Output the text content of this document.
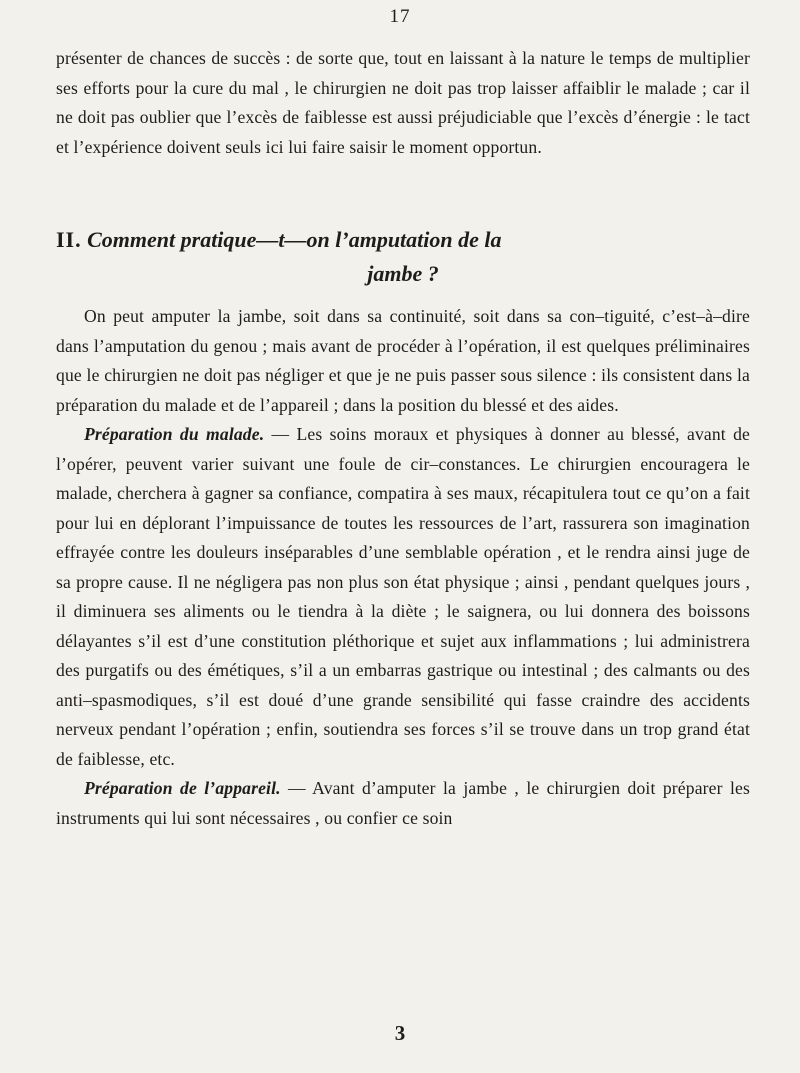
17

présenter de chances de succès : de sorte que, tout en laissant à la nature le temps de multiplier ses efforts pour la cure du mal , le chirurgien ne doit pas trop laisser affaiblir le malade ; car il ne doit pas oublier que l’excès de faiblesse est aussi préjudiciable que l’excès d’énergie : le tact et l’expérience doivent seuls ici lui faire saisir le moment opportun.

II. Comment pratique—t—on l’amputation de la
jambe ?

On peut amputer la jambe, soit dans sa continuité, soit dans sa con–tiguité, c’est–à–dire dans l’amputation du genou ; mais avant de procéder à l’opération, il est quelques préliminaires que le chirurgien ne doit pas négliger et que je ne puis passer sous silence : ils consistent dans la préparation du malade et de l’appareil ; dans la position du blessé et des aides.

Préparation du malade. — Les soins moraux et physiques à donner au blessé, avant de l’opérer, peuvent varier suivant une foule de cir–constances. Le chirurgien encouragera le malade, cherchera à gagner sa confiance, compatira à ses maux, récapitulera tout ce qu’on a fait pour lui en déplorant l’impuissance de toutes les ressources de l’art, rassurera son imagination effrayée contre les douleurs inséparables d’une semblable opération , et le rendra ainsi juge de sa propre cause. Il ne négligera pas non plus son état physique ; ainsi , pendant quelques jours , il diminuera ses aliments ou le tiendra à la diète ; le saignera, ou lui donnera des boissons délayantes s’il est d’une constitution pléthorique et sujet aux inflammations ; lui administrera des purgatifs ou des émétiques, s’il a un embarras gastrique ou intestinal ; des calmants ou des anti–spasmodiques, s’il est doué d’une grande sensibilité qui fasse craindre des accidents nerveux pendant l’opération ; enfin, soutiendra ses forces s’il se trouve dans un trop grand état de faiblesse, etc.

Préparation de l’appareil. — Avant d’amputer la jambe , le chirurgien doit préparer les instruments qui lui sont nécessaires , ou confier ce soin

3
